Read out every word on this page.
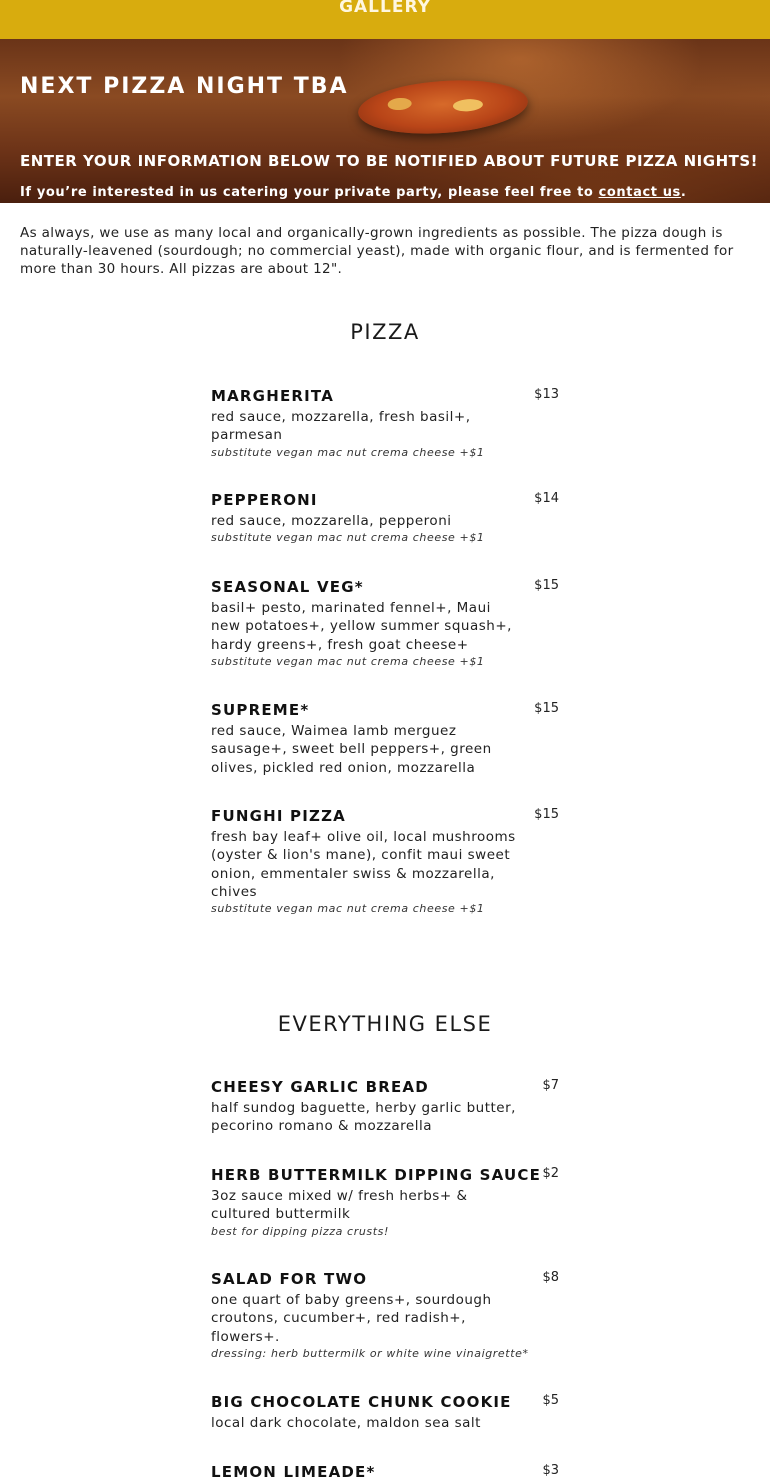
GALLERY
NEXT PIZZA NIGHT TBA

ENTER YOUR INFORMATION BELOW TO BE NOTIFIED ABOUT FUTURE PIZZA NIGHTS!

If you’re interested in us catering your private party, please feel free to contact us.

As always, we use as many local and organically-grown ingredients as possible. The pizza dough is naturally-leavened (sourdough; no commercial yeast), made with organic flour, and is fermented for more than 30 hours. All pizzas are about 12".

PIZZA
MARGHERITA	$13
red sauce, mozzarella, fresh basil+, parmesan
substitute vegan mac nut crema cheese +$1
PEPPERONI	$14
red sauce, mozzarella, pepperoni
substitute vegan mac nut crema cheese +$1
SEASONAL VEG*	$15
basil+ pesto, marinated fennel+, Maui new potatoes+, yellow summer squash+, hardy greens+, fresh goat cheese+
substitute vegan mac nut crema cheese +$1
SUPREME*	$15
red sauce, Waimea lamb merguez sausage+, sweet bell peppers+, green olives, pickled red onion, mozzarella
FUNGHI PIZZA	$15
fresh bay leaf+ olive oil, local mushrooms (oyster & lion's mane), confit maui sweet onion, emmentaler swiss & mozzarella, chives
substitute vegan mac nut crema cheese +$1
EVERYTHING ELSE
CHEESY GARLIC BREAD	$7
half sundog baguette, herby garlic butter, pecorino romano & mozzarella
HERB BUTTERMILK DIPPING SAUCE $2
3oz sauce mixed w/ fresh herbs+ & cultured buttermilk
best for dipping pizza crusts!
SALAD FOR TWO	$8
one quart of baby greens+, sourdough croutons, cucumber+, red radish+, flowers+.
dressing: herb buttermilk or white wine vinaigrette*
BIG CHOCOLATE CHUNK COOKIE	$5
local dark chocolate, maldon sea salt
LEMON LIMEADE*	$3
